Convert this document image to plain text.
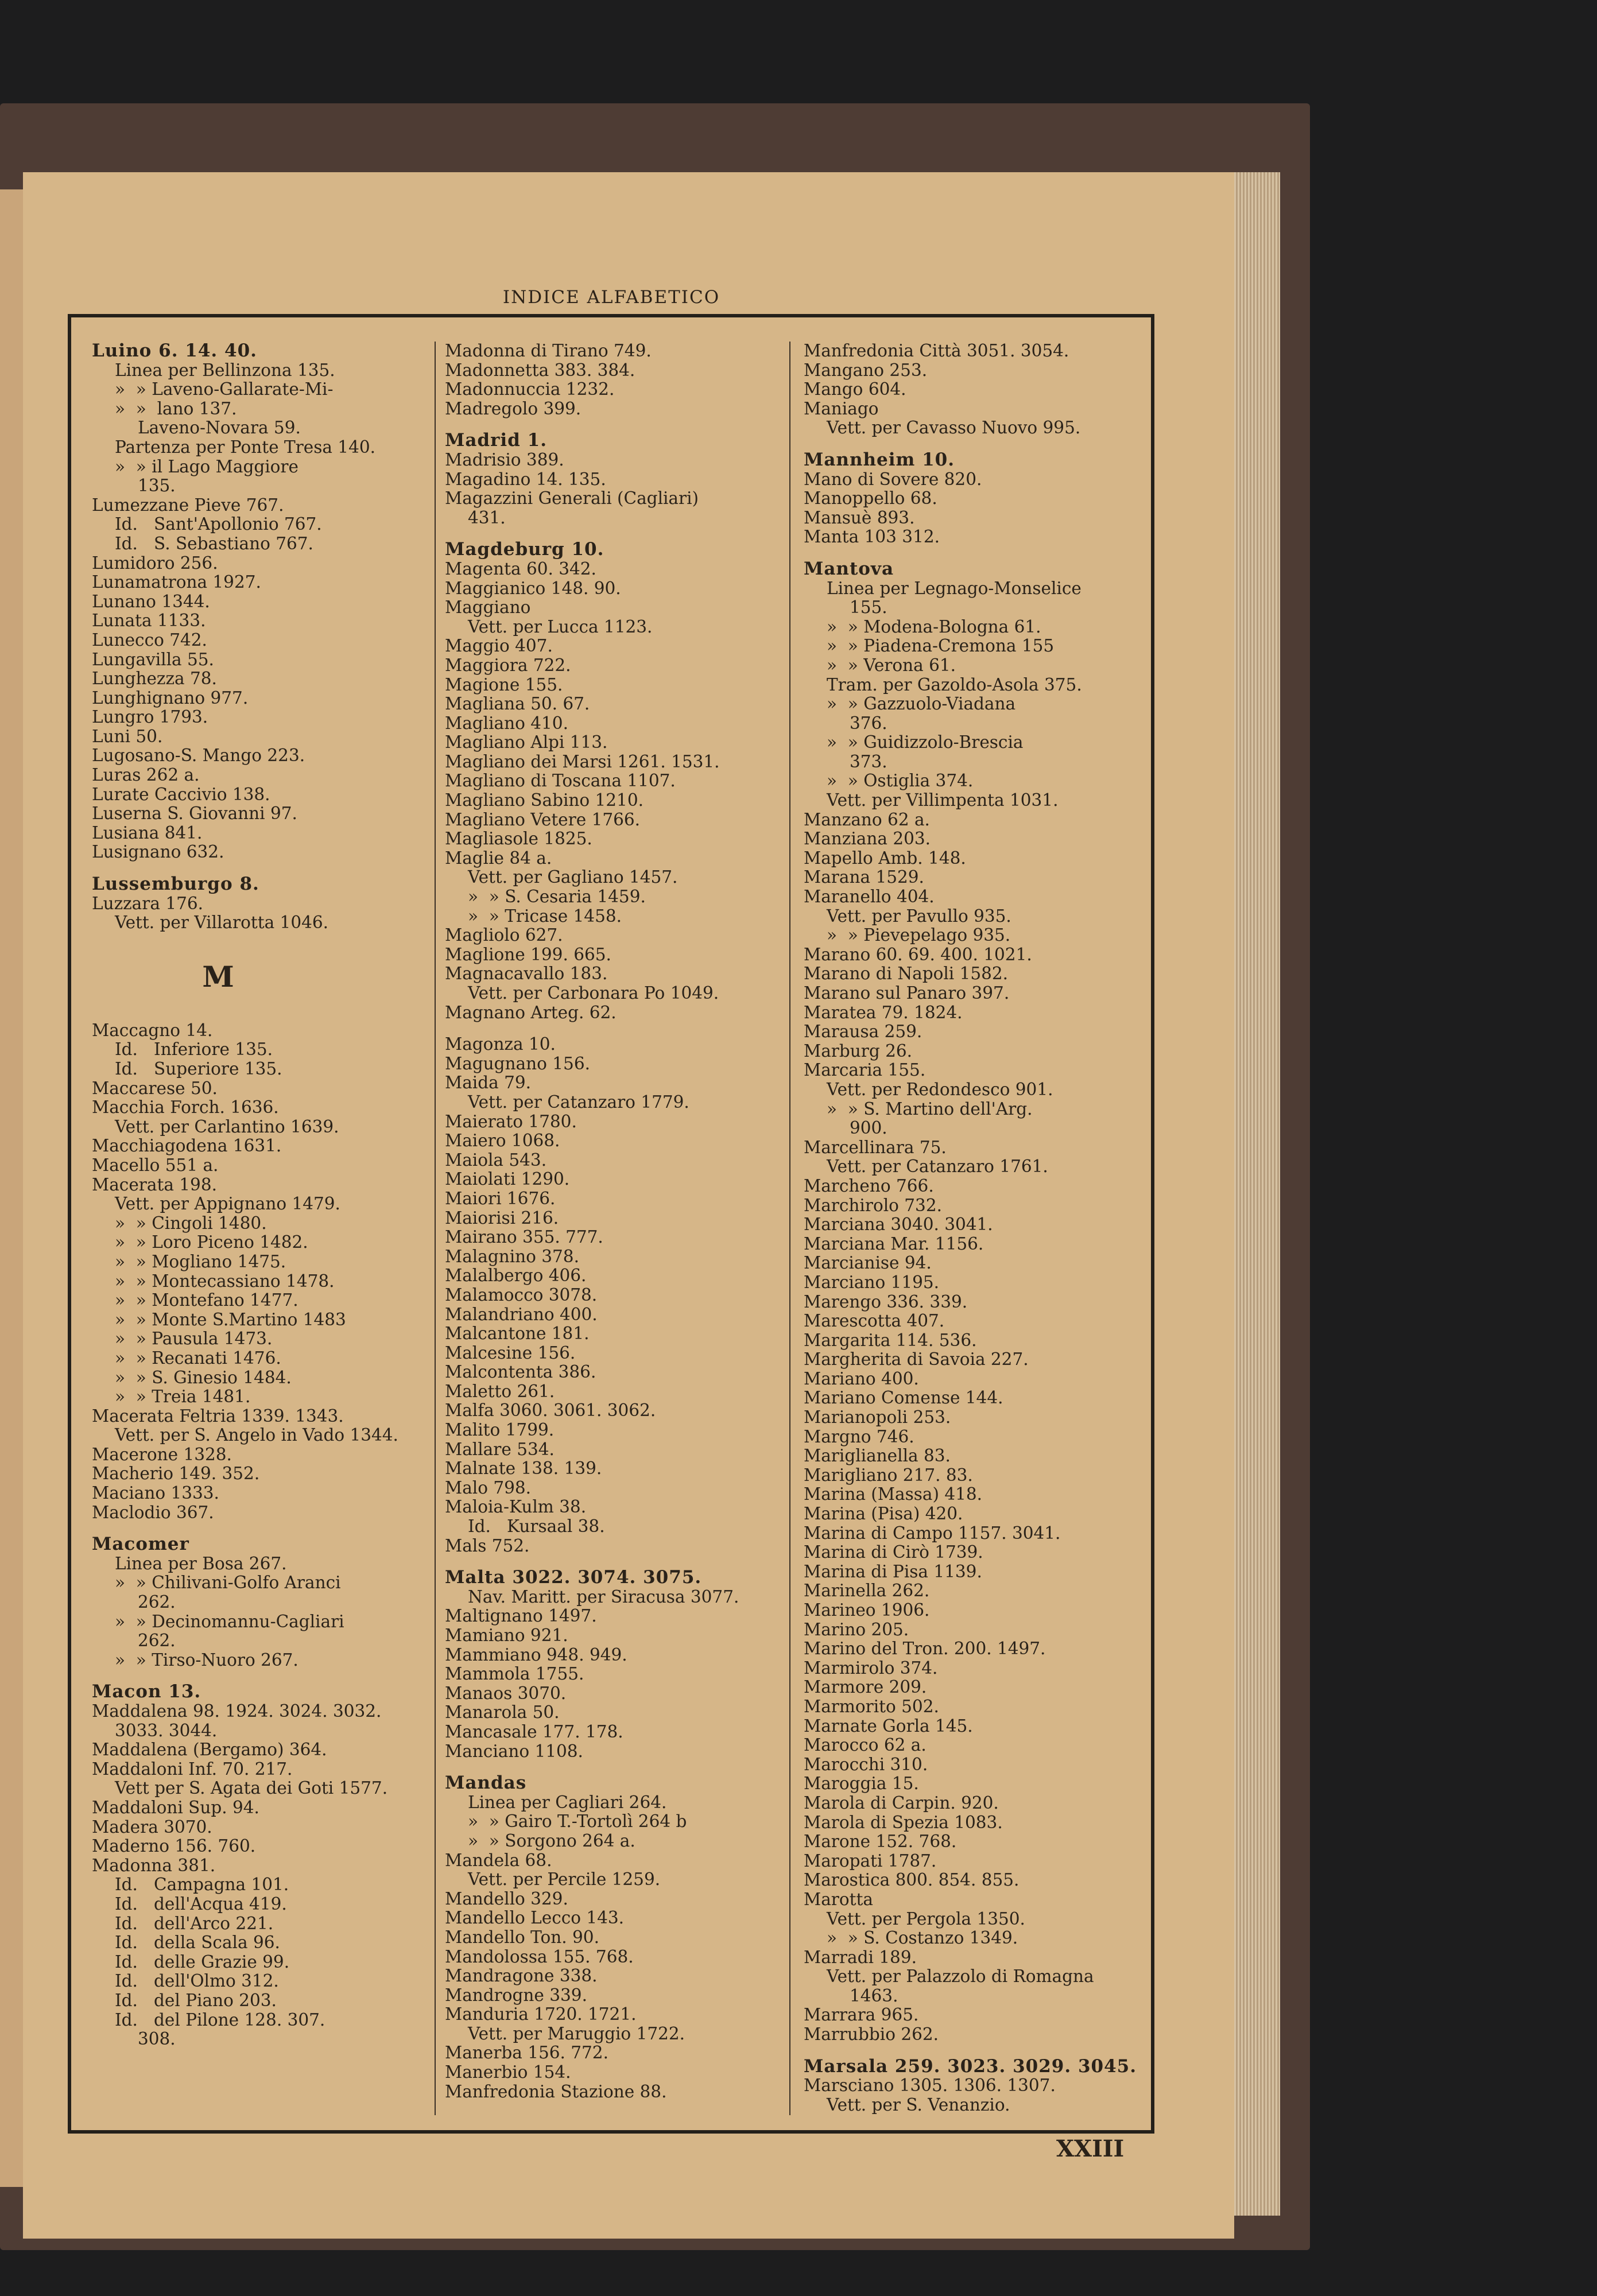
INDICE ALFABETICO
Luino 6. 14. 40.
Linea per Bellinzona 135.
»  » Laveno-Gallarate-Mi-
»  »  lano 137.
Laveno-Novara 59.
Partenza per Ponte Tresa 140.
»  » il Lago Maggiore
135.
Lumezzane Pieve 767.
Id.   Sant'Apollonio 767.
Id.   S. Sebastiano 767.
Lumidoro 256.
Lunamatrona 1927.
Lunano 1344.
Lunata 1133.
Lunecco 742.
Lungavilla 55.
Lunghezza 78.
Lunghignano 977.
Lungro 1793.
Luni 50.
Lugosano-S. Mango 223.
Luras 262 a.
Lurate Caccivio 138.
Luserna S. Giovanni 97.
Lusiana 841.
Lusignano 632.
Lussemburgo 8.
Luzzara 176.
Vett. per Villarotta 1046.
M
Maccagno 14.
Id.   Inferiore 135.
Id.   Superiore 135.
Maccarese 50.
Macchia Forch. 1636.
Vett. per Carlantino 1639.
Macchiagodena 1631.
Macello 551 a.
Macerata 198.
Vett. per Appignano 1479.
»  » Cingoli 1480.
»  » Loro Piceno 1482.
»  » Mogliano 1475.
»  » Montecassiano 1478.
»  » Montefano 1477.
»  » Monte S.Martino 1483
»  » Pausula 1473.
»  » Recanati 1476.
»  » S. Ginesio 1484.
»  » Treia 1481.
Macerata Feltria 1339. 1343.
Vett. per S. Angelo in Vado 1344.
Macerone 1328.
Macherio 149. 352.
Maciano 1333.
Maclodio 367.
Macomer
Linea per Bosa 267.
»  » Chilivani-Golfo Aranci
262.
»  » Decinomannu-Cagliari
262.
»  » Tirso-Nuoro 267.
Macon 13.
Maddalena 98. 1924. 3024. 3032.
3033. 3044.
Maddalena (Bergamo) 364.
Maddaloni Inf. 70. 217.
Vett per S. Agata dei Goti 1577.
Maddaloni Sup. 94.
Madera 3070.
Maderno 156. 760.
Madonna 381.
Id.   Campagna 101.
Id.   dell'Acqua 419.
Id.   dell'Arco 221.
Id.   della Scala 96.
Id.   delle Grazie 99.
Id.   dell'Olmo 312.
Id.   del Piano 203.
Id.   del Pilone 128. 307.
308.
Madonna di Tirano 749.
Madonnetta 383. 384.
Madonnuccia 1232.
Madregolo 399.
Madrid 1.
Madrisio 389.
Magadino 14. 135.
Magazzini Generali (Cagliari)
431.
Magdeburg 10.
Magenta 60. 342.
Maggianico 148. 90.
Maggiano
Vett. per Lucca 1123.
Maggio 407.
Maggiora 722.
Magione 155.
Magliana 50. 67.
Magliano 410.
Magliano Alpi 113.
Magliano dei Marsi 1261. 1531.
Magliano di Toscana 1107.
Magliano Sabino 1210.
Magliano Vetere 1766.
Magliasole 1825.
Maglie 84 a.
Vett. per Gagliano 1457.
»  » S. Cesaria 1459.
»  » Tricase 1458.
Magliolo 627.
Maglione 199. 665.
Magnacavallo 183.
Vett. per Carbonara Po 1049.
Magnano Arteg. 62.
Magonza 10.
Magugnano 156.
Maida 79.
Vett. per Catanzaro 1779.
Maierato 1780.
Maiero 1068.
Maiola 543.
Maiolati 1290.
Maiori 1676.
Maiorisi 216.
Mairano 355. 777.
Malagnino 378.
Malalbergo 406.
Malamocco 3078.
Malandriano 400.
Malcantone 181.
Malcesine 156.
Malcontenta 386.
Maletto 261.
Malfa 3060. 3061. 3062.
Malito 1799.
Mallare 534.
Malnate 138. 139.
Malo 798.
Maloia-Kulm 38.
Id.   Kursaal 38.
Mals 752.
Malta 3022. 3074. 3075.
Nav. Maritt. per Siracusa 3077.
Maltignano 1497.
Mamiano 921.
Mammiano 948. 949.
Mammola 1755.
Manaos 3070.
Manarola 50.
Mancasale 177. 178.
Manciano 1108.
Mandas
Linea per Cagliari 264.
»  » Gairo T.-Tortolì 264 b
»  » Sorgono 264 a.
Mandela 68.
Vett. per Percile 1259.
Mandello 329.
Mandello Lecco 143.
Mandello Ton. 90.
Mandolossa 155. 768.
Mandragone 338.
Mandrogne 339.
Manduria 1720. 1721.
Vett. per Maruggio 1722.
Manerba 156. 772.
Manerbio 154.
Manfredonia Stazione 88.
Manfredonia Città 3051. 3054.
Mangano 253.
Mango 604.
Maniago
Vett. per Cavasso Nuovo 995.
Mannheim 10.
Mano di Sovere 820.
Manoppello 68.
Mansuè 893.
Manta 103 312.
Mantova
Linea per Legnago-Monselice
155.
»  » Modena-Bologna 61.
»  » Piadena-Cremona 155
»  » Verona 61.
Tram. per Gazoldo-Asola 375.
»  » Gazzuolo-Viadana
376.
»  » Guidizzolo-Brescia
373.
»  » Ostiglia 374.
Vett. per Villimpenta 1031.
Manzano 62 a.
Manziana 203.
Mapello Amb. 148.
Marana 1529.
Maranello 404.
Vett. per Pavullo 935.
»  » Pievepelago 935.
Marano 60. 69. 400. 1021.
Marano di Napoli 1582.
Marano sul Panaro 397.
Maratea 79. 1824.
Marausa 259.
Marburg 26.
Marcaria 155.
Vett. per Redondesco 901.
»  » S. Martino dell'Arg.
900.
Marcellinara 75.
Vett. per Catanzaro 1761.
Marcheno 766.
Marchirolo 732.
Marciana 3040. 3041.
Marciana Mar. 1156.
Marcianise 94.
Marciano 1195.
Marengo 336. 339.
Marescotta 407.
Margarita 114. 536.
Margherita di Savoia 227.
Mariano 400.
Mariano Comense 144.
Marianopoli 253.
Margno 746.
Mariglianella 83.
Marigliano 217. 83.
Marina (Massa) 418.
Marina (Pisa) 420.
Marina di Campo 1157. 3041.
Marina di Cirò 1739.
Marina di Pisa 1139.
Marinella 262.
Marineo 1906.
Marino 205.
Marino del Tron. 200. 1497.
Marmirolo 374.
Marmore 209.
Marmorito 502.
Marnate Gorla 145.
Marocco 62 a.
Marocchi 310.
Maroggia 15.
Marola di Carpin. 920.
Marola di Spezia 1083.
Marone 152. 768.
Maropati 1787.
Marostica 800. 854. 855.
Marotta
Vett. per Pergola 1350.
»  » S. Costanzo 1349.
Marradi 189.
Vett. per Palazzolo di Romagna
1463.
Marrara 965.
Marrubbio 262.
Marsala 259. 3023. 3029. 3045.
Marsciano 1305. 1306. 1307.
Vett. per S. Venanzio.
XXIII
